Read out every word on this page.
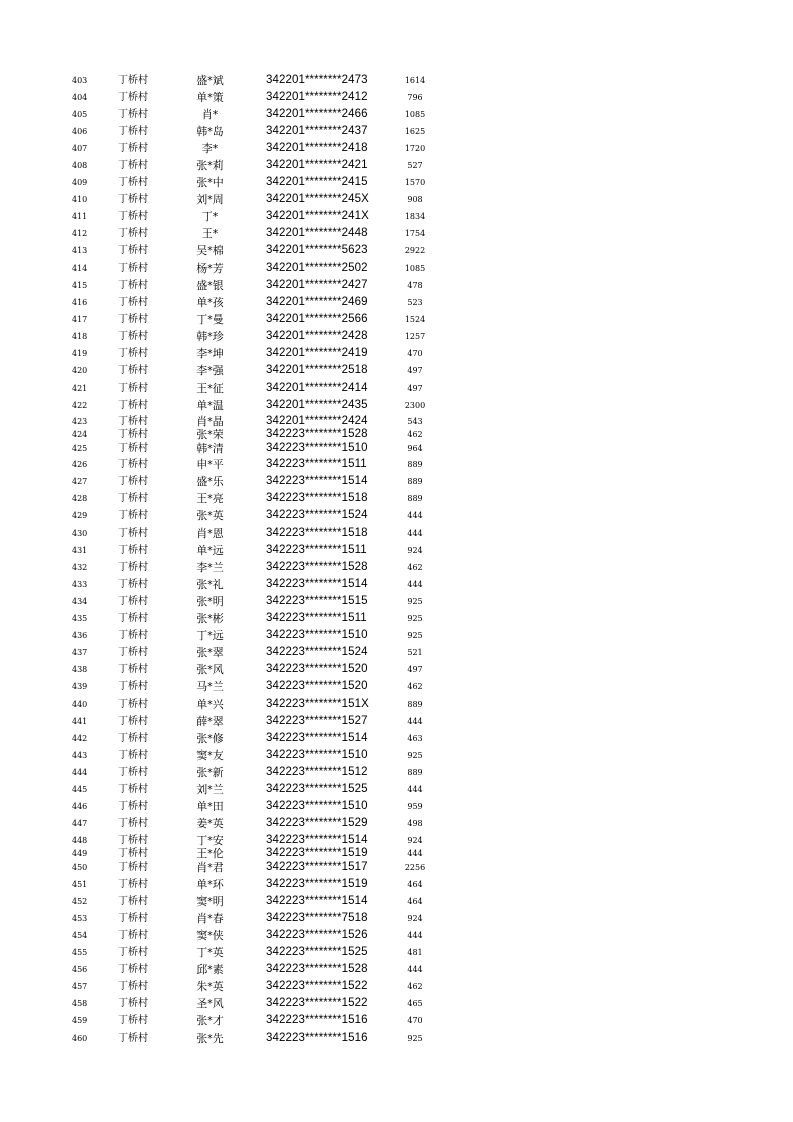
403	丁桥村	盛*斌	342201********2473	1614
404	丁桥村	单*策	342201********2412	796
405	丁桥村	肖*	342201********2466	1085
406	丁桥村	韩*岛	342201********2437	1625
407	丁桥村	李*	342201********2418	1720
408	丁桥村	张*莉	342201********2421	527
409	丁桥村	张*中	342201********2415	1570
410	丁桥村	刘*周	342201********245X	908
411	丁桥村	丁*	342201********241X	1834
412	丁桥村	王*	342201********2448	1754
413	丁桥村	吴*棉	342201********5623	2922
414	丁桥村	杨*芳	342201********2502	1085
415	丁桥村	盛*银	342201********2427	478
416	丁桥村	单*孩	342201********2469	523
417	丁桥村	丁*曼	342201********2566	1524
418	丁桥村	韩*珍	342201********2428	1257
419	丁桥村	李*坤	342201********2419	470
420	丁桥村	李*强	342201********2518	497
421	丁桥村	王*征	342201********2414	497
422	丁桥村	单*温	342201********2435	2300
423	丁桥村	肖*晶	342201********2424	543
424	丁桥村	张*荣	342223********1528	462
425	丁桥村	韩*清	342223********1510	964
426	丁桥村	申*平	342223********1511	889
427	丁桥村	盛*乐	342223********1514	889
428	丁桥村	王*亮	342223********1518	889
429	丁桥村	张*英	342223********1524	444
430	丁桥村	肖*恩	342223********1518	444
431	丁桥村	单*远	342223********1511	924
432	丁桥村	李*兰	342223********1528	462
433	丁桥村	张*礼	342223********1514	444
434	丁桥村	张*明	342223********1515	925
435	丁桥村	张*彬	342223********1511	925
436	丁桥村	丁*远	342223********1510	925
437	丁桥村	张*翠	342223********1524	521
438	丁桥村	张*风	342223********1520	497
439	丁桥村	马*兰	342223********1520	462
440	丁桥村	单*兴	342223********151X	889
441	丁桥村	薛*翠	342223********1527	444
442	丁桥村	张*修	342223********1514	463
443	丁桥村	窦*友	342223********1510	925
444	丁桥村	张*新	342223********1512	889
445	丁桥村	刘*兰	342223********1525	444
446	丁桥村	单*田	342223********1510	959
447	丁桥村	姜*英	342223********1529	498
448	丁桥村	丁*安	342223********1514	924
449	丁桥村	王*伦	342223********1519	444
450	丁桥村	肖*君	342223********1517	2256
451	丁桥村	单*环	342223********1519	464
452	丁桥村	窦*明	342223********1514	464
453	丁桥村	肖*春	342223********7518	924
454	丁桥村	窦*侠	342223********1526	444
455	丁桥村	丁*英	342223********1525	481
456	丁桥村	邱*素	342223********1528	444
457	丁桥村	朱*英	342223********1522	462
458	丁桥村	圣*风	342223********1522	465
459	丁桥村	张*才	342223********1516	470
460	丁桥村	张*先	342223********1516	925
